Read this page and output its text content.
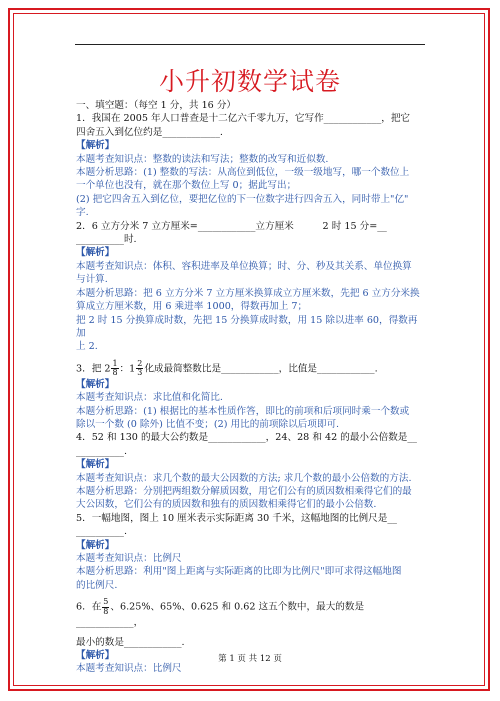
小升初数学试卷

一、填空题：（每空 1 分，共 16 分）

1．我国在 2005 年人口普查是十二亿六千零九万，它写作____________，把它

四舍五入到亿位约是____________.

【解析】

本题考查知识点：整数的读法和写法；整数的改写和近似数.

本题分析思路：(1) 整数的写法：从高位到低位，一级一级地写，哪一个数位上

一个单位也没有，就在那个数位上写 0；据此写出；

(2) 把它四舍五入到亿位，要把亿位的下一位数字进行四舍五入，同时带上"亿"

字.

2．6 立方分米 7 立方厘米=____________立方厘米　　　2 时 15 分=__

__________时.

【解析】

本题考查知识点：体积、容积进率及单位换算；时、分、秒及其关系、单位换算

与计算.

本题分析思路：把 6 立方分米 7 立方厘米换算成立方厘米数，先把 6 立方分米换

算成立方厘米数，用 6 乘进率 1000，得数再加上 7；

把 2 时 15 分换算成时数，先把 15 分换算成时数，用 15 除以进率 60，得数再加

上 2.

3．把 $2 \frac{1}{8}$ ：$1 \frac{2}{3}$ 化成最简整数比是____________，比值是____________.

【解析】

本题考查知识点：求比值和化简比.

本题分析思路：(1) 根据比的基本性质作答，即比的前项和后项同时乘一个数或

除以一个数 (0 除外) 比值不变；(2) 用比的前项除以后项即可.

4．52 和 130 的最大公约数是____________，24、28 和 42 的最小公倍数是__

__________.

【解析】

本题考查知识点：求几个数的最大公因数的方法; 求几个数的最小公倍数的方法.

本题分析思路：分别把两组数分解质因数，用它们公有的质因数相乘得它们的最

大公因数，它们公有的质因数和独有的质因数相乘得它们的最小公倍数.

5．一幅地图，图上 10 厘米表示实际距离 30 千米，这幅地图的比例尺是__

__________.

【解析】

本题考查知识点：比例尺

本题分析思路：利用"图上距离与实际距离的比即为比例尺"即可求得这幅地图

的比例尺.

6．在 $\frac{5}{8}$ 、6.25%、65%、0.625 和 0.62 这五个数中，最大的数是____________，

最小的数是____________.

【解析】

本题考查知识点：比例尺

第 1 页 共 12 页
